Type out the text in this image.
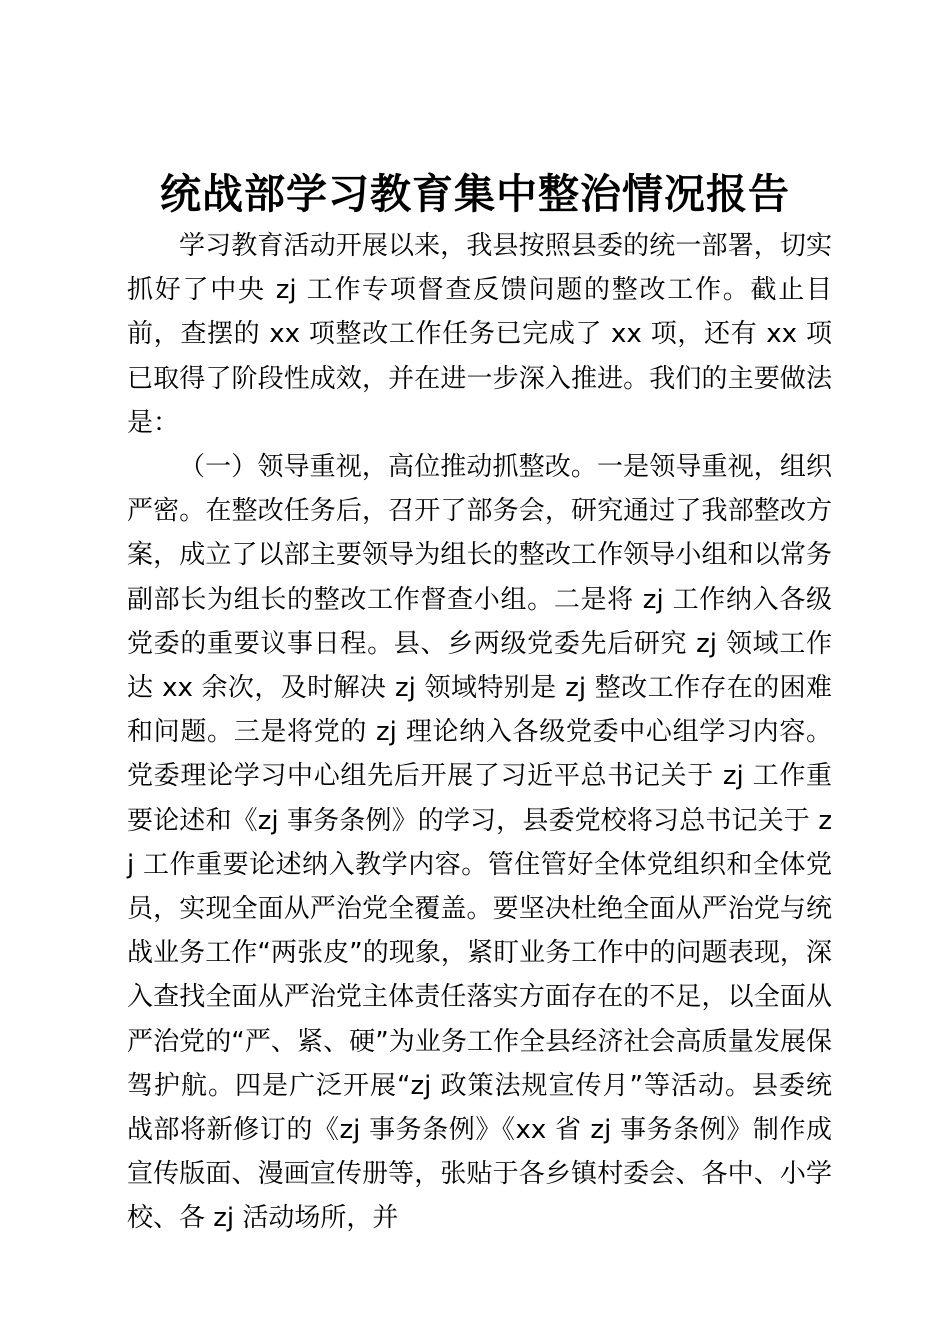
统战部学习教育集中整治情况报告

学习教育活动开展以来，我县按照县委的统一部署，切实抓好了中央 zj 工作专项督查反馈问题的整改工作。截止目前，查摆的 xx 项整改工作任务已完成了 xx 项，还有 xx 项已取得了阶段性成效，并在进一步深入推进。我们的主要做法是：

（一）领导重视，高位推动抓整改。一是领导重视，组织严密。在整改任务后，召开了部务会，研究通过了我部整改方案，成立了以部主要领导为组长的整改工作领导小组和以常务副部长为组长的整改工作督查小组。二是将 zj 工作纳入各级党委的重要议事日程。县、乡两级党委先后研究 zj 领域工作达 xx 余次，及时解决 zj 领域特别是 zj 整改工作存在的困难和问题。三是将党的 zj 理论纳入各级党委中心组学习内容。党委理论学习中心组先后开展了习近平总书记关于 zj 工作重要论述和《zj 事务条例》的学习，县委党校将习总书记关于 zj 工作重要论述纳入教学内容。管住管好全体党组织和全体党员，实现全面从严治党全覆盖。要坚决杜绝全面从严治党与统战业务工作“两张皮”的现象，紧盯业务工作中的问题表现，深入查找全面从严治党主体责任落实方面存在的不足，以全面从严治党的“严、紧、硬”为业务工作全县经济社会高质量发展保驾护航。四是广泛开展“zj 政策法规宣传月”等活动。县委统战部将新修订的《zj 事务条例》《xx 省 zj 事务条例》制作成宣传版面、漫画宣传册等，张贴于各乡镇村委会、各中、小学校、各 zj 活动场所，并
